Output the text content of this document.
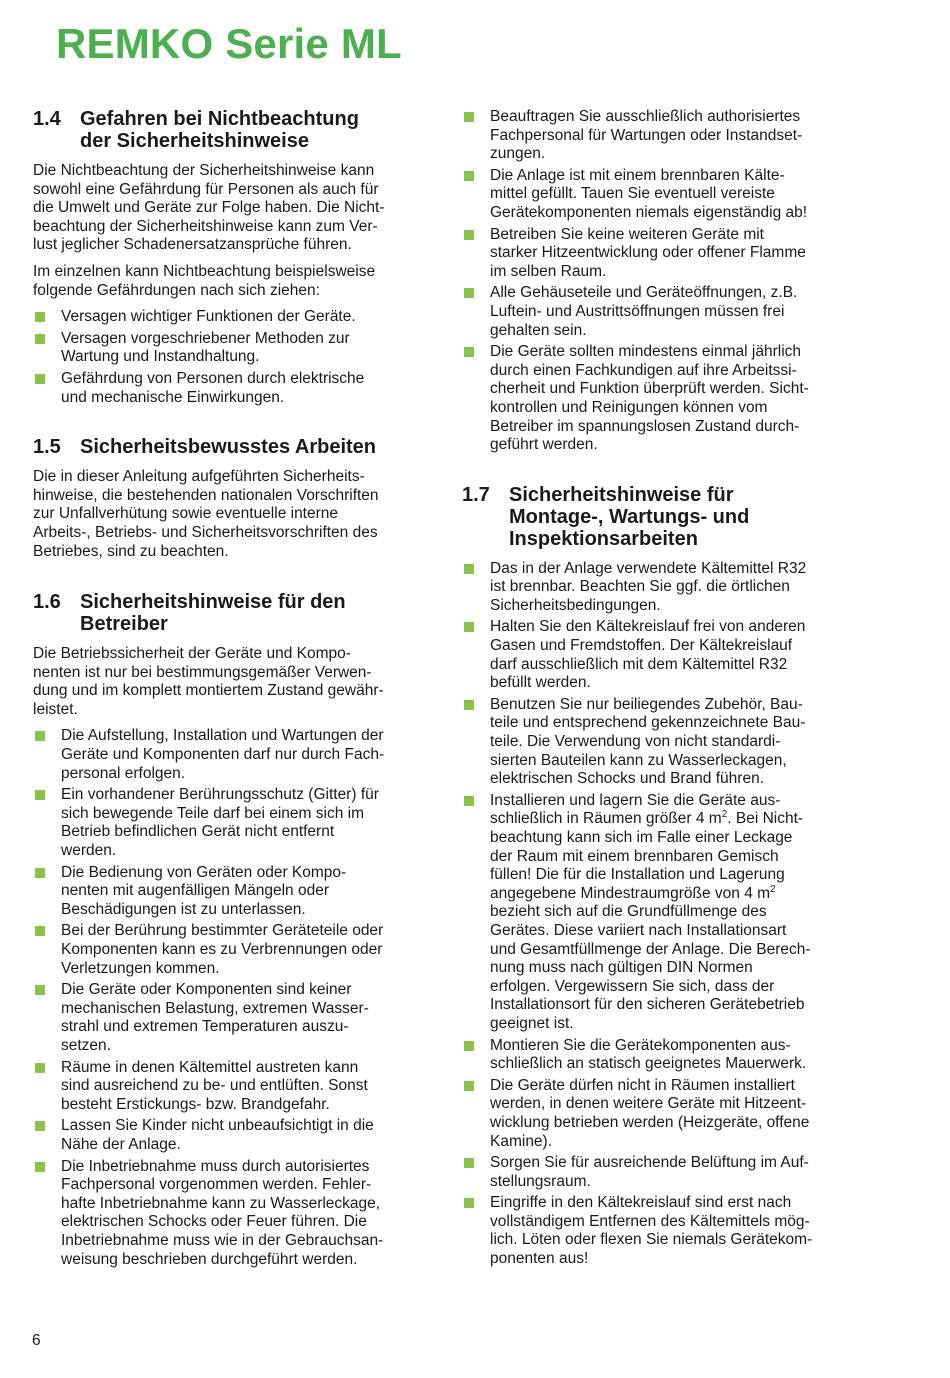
REMKO Serie ML
1.4 Gefahren bei Nichtbeachtung
der Sicherheitshinweise

Die Nichtbeachtung der Sicherheitshinweise kann
sowohl eine Gefährdung für Personen als auch für
die Umwelt und Geräte zur Folge haben. Die Nicht-
beachtung der Sicherheitshinweise kann zum Ver-
lust jeglicher Schadenersatzansprüche führen.

Im einzelnen kann Nichtbeachtung beispielsweise
folgende Gefährdungen nach sich ziehen:

Versagen wichtiger Funktionen der Geräte.
Versagen vorgeschriebener Methoden zur
Wartung und Instandhaltung.
Gefährdung von Personen durch elektrische
und mechanische Einwirkungen.
1.5 Sicherheitsbewusstes Arbeiten

Die in dieser Anleitung aufgeführten Sicherheits-
hinweise, die bestehenden nationalen Vorschriften
zur Unfallverhütung sowie eventuelle interne
Arbeits-, Betriebs- und Sicherheitsvorschriften des
Betriebes, sind zu beachten.

1.6 Sicherheitshinweise für den
Betreiber

Die Betriebssicherheit der Geräte und Kompo-
nenten ist nur bei bestimmungsgemäßer Verwen-
dung und im komplett montiertem Zustand gewähr-
leistet.

Die Aufstellung, Installation und Wartungen der
Geräte und Komponenten darf nur durch Fach-
personal erfolgen.
Ein vorhandener Berührungsschutz (Gitter) für
sich bewegende Teile darf bei einem sich im
Betrieb befindlichen Gerät nicht entfernt
werden.
Die Bedienung von Geräten oder Kompo-
nenten mit augenfälligen Mängeln oder
Beschädigungen ist zu unterlassen.
Bei der Berührung bestimmter Geräteteile oder
Komponenten kann es zu Verbrennungen oder
Verletzungen kommen.
Die Geräte oder Komponenten sind keiner
mechanischen Belastung, extremen Wasser-
strahl und extremen Temperaturen auszu-
setzen.
Räume in denen Kältemittel austreten kann
sind ausreichend zu be- und entlüften. Sonst
besteht Erstickungs- bzw. Brandgefahr.
Lassen Sie Kinder nicht unbeaufsichtigt in die
Nähe der Anlage.
Die Inbetriebnahme muss durch autorisiertes
Fachpersonal vorgenommen werden. Fehler-
hafte Inbetriebnahme kann zu Wasserleckage,
elektrischen Schocks oder Feuer führen. Die
Inbetriebnahme muss wie in der Gebrauchsan-
weisung beschrieben durchgeführt werden.
Beauftragen Sie ausschließlich authorisiertes
Fachpersonal für Wartungen oder Instandset-
zungen.
Die Anlage ist mit einem brennbaren Kälte-
mittel gefüllt. Tauen Sie eventuell vereiste
Gerätekomponenten niemals eigenständig ab!
Betreiben Sie keine weiteren Geräte mit
starker Hitzeentwicklung oder offener Flamme
im selben Raum.
Alle Gehäuseteile und Geräteöffnungen, z.B.
Luftein- und Austrittsöffnungen müssen frei
gehalten sein.
Die Geräte sollten mindestens einmal jährlich
durch einen Fachkundigen auf ihre Arbeitssi-
cherheit und Funktion überprüft werden. Sicht-
kontrollen und Reinigungen können vom
Betreiber im spannungslosen Zustand durch-
geführt werden.
1.7 Sicherheitshinweise für
Montage-, Wartungs- und
Inspektionsarbeiten
Das in der Anlage verwendete Kältemittel R32
ist brennbar. Beachten Sie ggf. die örtlichen
Sicherheitsbedingungen.
Halten Sie den Kältekreislauf frei von anderen
Gasen und Fremdstoffen. Der Kältekreislauf
darf ausschließlich mit dem Kältemittel R32
befüllt werden.
Benutzen Sie nur beiliegendes Zubehör, Bau-
teile und entsprechend gekennzeichnete Bau-
teile. Die Verwendung von nicht standardi-
sierten Bauteilen kann zu Wasserleckagen,
elektrischen Schocks und Brand führen.
Installieren und lagern Sie die Geräte aus-
schließlich in Räumen größer 4 $m^2$. Bei Nicht-
beachtung kann sich im Falle einer Leckage
der Raum mit einem brennbaren Gemisch
füllen! Die für die Installation und Lagerung
angegebene Mindestraumgröße von 4 $m^2$
bezieht sich auf die Grundfüllmenge des
Gerätes. Diese variiert nach Installationsart
und Gesamtfüllmenge der Anlage. Die Berech-
nung muss nach gültigen DIN Normen
erfolgen. Vergewissern Sie sich, dass der
Installationsort für den sicheren Gerätebetrieb
geeignet ist.
Montieren Sie die Gerätekomponenten aus-
schließlich an statisch geeignetes Mauerwerk.
Die Geräte dürfen nicht in Räumen installiert
werden, in denen weitere Geräte mit Hitzeent-
wicklung betrieben werden (Heizgeräte, offene
Kamine).
Sorgen Sie für ausreichende Belüftung im Auf-
stellungsraum.
Eingriffe in den Kältekreislauf sind erst nach
vollständigem Entfernen des Kältemittels mög-
lich. Löten oder flexen Sie niemals Gerätekom-
ponenten aus!
6
